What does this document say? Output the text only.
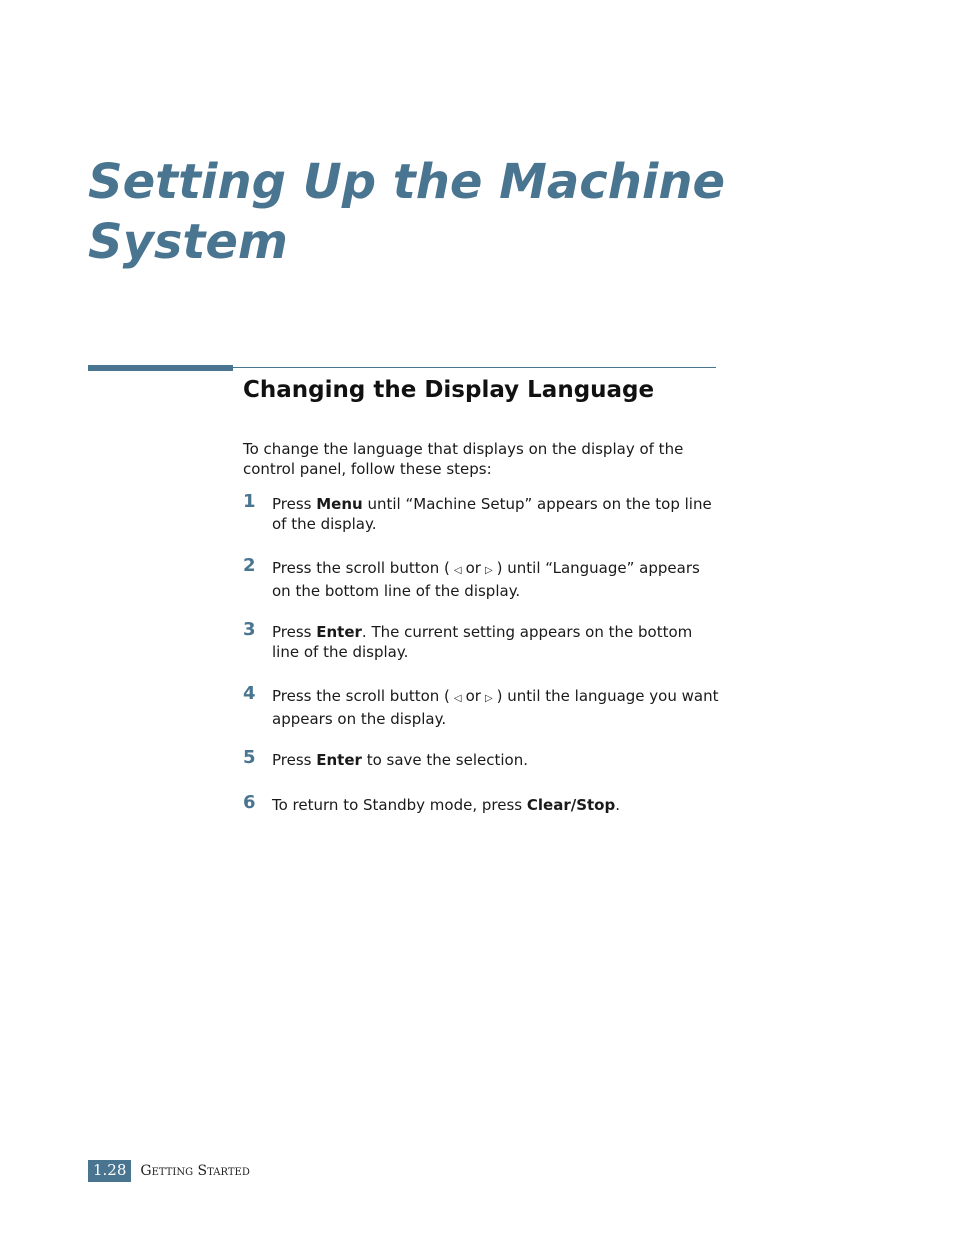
Setting Up the Machine System
Changing the Display Language

To change the language that displays on the display of the control panel, follow these steps:

1 Press Menu until “Machine Setup” appears on the top line of the display.
2 Press the scroll button ( ◁ or ▷ ) until “Language” appears on the bottom line of the display.
3 Press Enter. The current setting appears on the bottom line of the display.
4 Press the scroll button ( ◁ or ▷ ) until the language you want appears on the display.
5 Press Enter to save the selection.
6 To return to Standby mode, press Clear/Stop.
1.28	Getting Started
